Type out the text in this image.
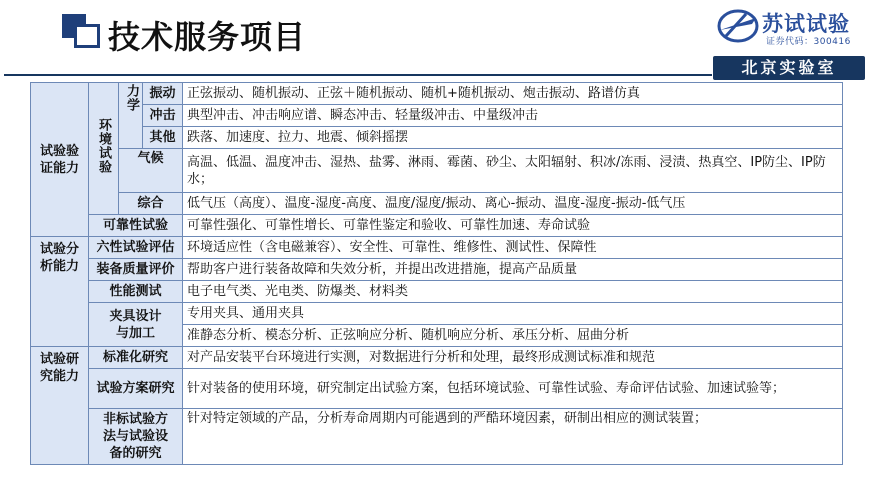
技术服务项目	苏试试验
证券代码：300416
北京实验室
试验验证能力	环境试验	力学	振动	正弦振动、随机振动、正弦＋随机振动、随机+随机振动、炮击振动、路谱仿真
			冲击	典型冲击、冲击响应谱、瞬态冲击、轻量级冲击、中量级冲击
			其他	跌落、加速度、拉力、地震、倾斜摇摆
		气候		高温、低温、温度冲击、湿热、盐雾、淋雨、霉菌、砂尘、太阳辐射、积冰/冻雨、浸渍、热真空、IP防尘、IP防水；
		综合		低气压（高度）、温度-湿度-高度、温度/湿度/振动、离心-振动、温度-湿度-振动-低气压
	可靠性试验			可靠性强化、可靠性增长、可靠性鉴定和验收、可靠性加速、寿命试验
试验分析能力	六性试验评估			环境适应性（含电磁兼容）、安全性、可靠性、维修性、测试性、保障性
	装备质量评价			帮助客户进行装备故障和失效分析，并提出改进措施，提高产品质量
	性能测试			电子电气类、光电类、防爆类、材料类
	夹具设计与加工			专用夹具、通用夹具
				准静态分析、模态分析、正弦响应分析、随机响应分析、承压分析、屈曲分析
试验研究能力	标准化研究			对产品安装平台环境进行实测，对数据进行分析和处理，最终形成测试标准和规范
	试验方案研究			针对装备的使用环境，研究制定出试验方案，包括环境试验、可靠性试验、寿命评估试验、加速试验等；
	非标试验方法与试验设备的研究			针对特定领域的产品，分析寿命周期内可能遇到的严酷环境因素，研制出相应的测试装置；
